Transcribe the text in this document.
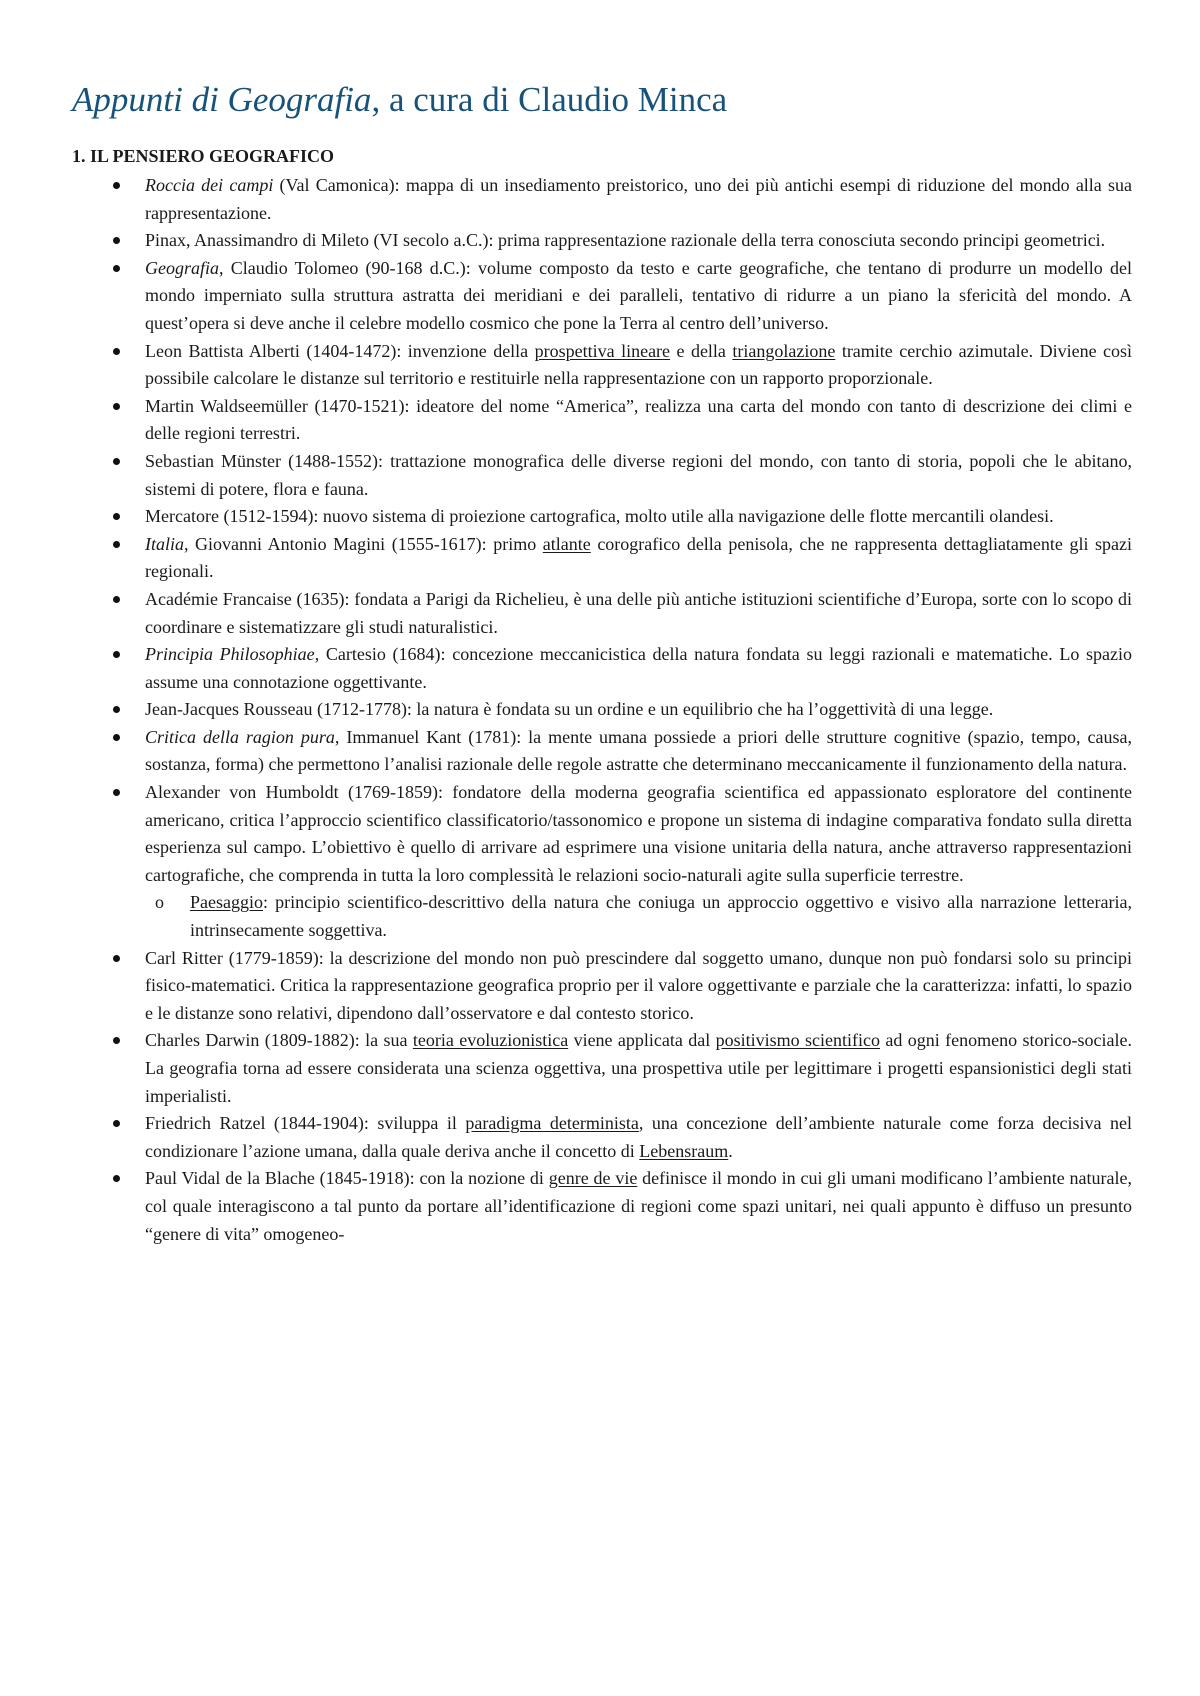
Appunti di Geografia, a cura di Claudio Minca
1. IL PENSIERO GEOGRAFICO
Roccia dei campi (Val Camonica): mappa di un insediamento preistorico, uno dei più antichi esempi di riduzione del mondo alla sua rappresentazione.
Pinax, Anassimandro di Mileto (VI secolo a.C.): prima rappresentazione razionale della terra conosciuta secondo principi geometrici.
Geografia, Claudio Tolomeo (90-168 d.C.): volume composto da testo e carte geografiche, che tentano di produrre un modello del mondo imperniato sulla struttura astratta dei meridiani e dei paralleli, tentativo di ridurre a un piano la sfericità del mondo. A quest’opera si deve anche il celebre modello cosmico che pone la Terra al centro dell’universo.
Leon Battista Alberti (1404-1472): invenzione della prospettiva lineare e della triangolazione tramite cerchio azimutale. Diviene così possibile calcolare le distanze sul territorio e restituirle nella rappresentazione con un rapporto proporzionale.
Martin Waldseemüller (1470-1521): ideatore del nome “America”, realizza una carta del mondo con tanto di descrizione dei climi e delle regioni terrestri.
Sebastian Münster (1488-1552): trattazione monografica delle diverse regioni del mondo, con tanto di storia, popoli che le abitano, sistemi di potere, flora e fauna.
Mercatore (1512-1594): nuovo sistema di proiezione cartografica, molto utile alla navigazione delle flotte mercantili olandesi.
Italia, Giovanni Antonio Magini (1555-1617): primo atlante corografico della penisola, che ne rappresenta dettagliatamente gli spazi regionali.
Académie Francaise (1635): fondata a Parigi da Richelieu, è una delle più antiche istituzioni scientifiche d’Europa, sorte con lo scopo di coordinare e sistematizzare gli studi naturalistici.
Principia Philosophiae, Cartesio (1684): concezione meccanicistica della natura fondata su leggi razionali e matematiche. Lo spazio assume una connotazione oggettivante.
Jean-Jacques Rousseau (1712-1778): la natura è fondata su un ordine e un equilibrio che ha l’oggettività di una legge.
Critica della ragion pura, Immanuel Kant (1781): la mente umana possiede a priori delle strutture cognitive (spazio, tempo, causa, sostanza, forma) che permettono l’analisi razionale delle regole astratte che determinano meccanicamente il funzionamento della natura.
Alexander von Humboldt (1769-1859): fondatore della moderna geografia scientifica ed appassionato esploratore del continente americano, critica l’approccio scientifico classificatorio/tassonomico e propone un sistema di indagine comparativa fondato sulla diretta esperienza sul campo. L’obiettivo è quello di arrivare ad esprimere una visione unitaria della natura, anche attraverso rappresentazioni cartografiche, che comprenda in tutta la loro complessità le relazioni socio-naturali agite sulla superficie terrestre.
o Paesaggio: principio scientifico-descrittivo della natura che coniuga un approccio oggettivo e visivo alla narrazione letteraria, intrinsecamente soggettiva.
Carl Ritter (1779-1859): la descrizione del mondo non può prescindere dal soggetto umano, dunque non può fondarsi solo su principi fisico-matematici. Critica la rappresentazione geografica proprio per il valore oggettivante e parziale che la caratterizza: infatti, lo spazio e le distanze sono relativi, dipendono dall’osservatore e dal contesto storico.
Charles Darwin (1809-1882): la sua teoria evoluzionistica viene applicata dal positivismo scientifico ad ogni fenomeno storico-sociale. La geografia torna ad essere considerata una scienza oggettiva, una prospettiva utile per legittimare i progetti espansionistici degli stati imperialisti.
Friedrich Ratzel (1844-1904): sviluppa il paradigma determinista, una concezione dell’ambiente naturale come forza decisiva nel condizionare l’azione umana, dalla quale deriva anche il concetto di Lebensraum.
Paul Vidal de la Blache (1845-1918): con la nozione di genre de vie definisce il mondo in cui gli umani modificano l’ambiente naturale, col quale interagiscono a tal punto da portare all’identificazione di regioni come spazi unitari, nei quali appunto è diffuso un presunto “genere di vita” omogeneo-
